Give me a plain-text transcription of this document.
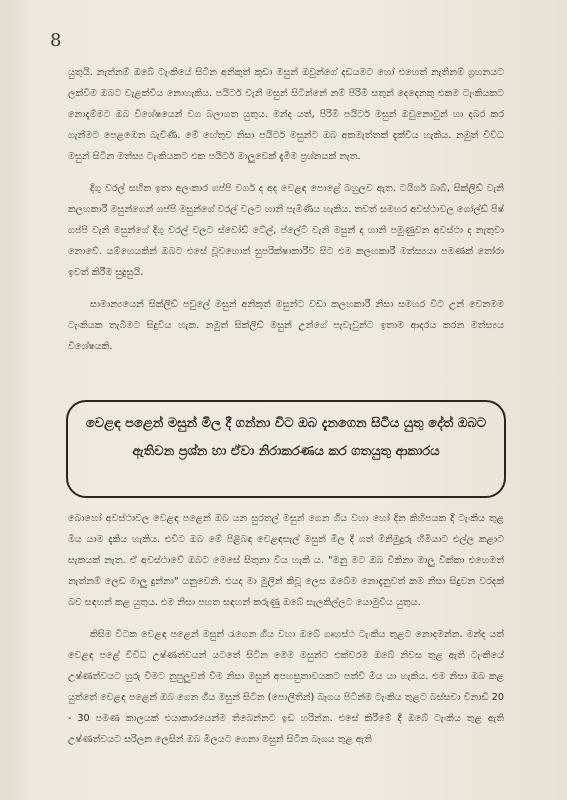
8

යුතුයි. නැත්නම් ඔබේ ටැංකියේ සිටින අනිකුත් කුඩා මසුන් ඔවුන්ගේ දඩයමට හෝ එහෙත් නැතිනම් ග්‍රහනයට ලක්විම ඔබට වැළක්විය නොහැකිය. පයිටර් වැනි මසුන් සිටින්නේ නම් පිරිමි සතුන් දෙදෙනකු එකම ටැංකියකට නොදැම්මට ඔබ විශේෂයෙන් වග බලාගත යුතුය. මන්ද යත්, පිරිමි පයිටර් මසුන් ඔවුනොවුන් හා දබර කර ගැනීමට පෙළඹෙන බැවිණි. මේ හේතුව නිසා පයිටර් මසුන්ට ඔබ අකමැත්තක් දැක්විය හැකිය. නමුත් විවිධ මසුන් සිටින මත්ස්‍ය ටැංකියකට එක පයිටර් මාලුවෙක් දැමීම ප්‍රශ්නයක් නැත.

දිගු වරල් සහිත ඉතා අලංකාර ගප්පි වර්ග ද අද වෙළඳ පොළේ බහුලව ඇත. ටයිගර් බාබ්, සික්ලිඩ් වැනි කලහකාරී මසුන්ගෙන් ගප්පි මසුන්ගේ වරල් වලට හානි පැමිණිය හැකිය. තවත් සමහර අවස්ථාවල ගෝල්ඩ් පිෂ් ගප්පි වැනි මසුන්ගේ දිගු වරල් වලට ස්වෝඩ් ටේල්, ප්ලේටි වැනි මසුන් ද හානි පමුණුවන අවස්ථා ද නැතුවා නොවේ. යම්හෙයකින් ඔබට එසේ වූවහොත් සුපරික්ෂාකාරීව සිට එම කලහකාරී මත්ස්‍යයා පමණක් තෝරා ඉවත් කිරීම සුදුසුයි.

සාමාන්‍යයෙන් සික්ලිඩ් පවුලේ මසුන් අනිකුත් මසුන්ට වඩා කලහකාරී නිසා සමහර විට උන් වෙනමම ටැංකියක තැබීමට සිදුවිය හැක. නමුත් සික්ලිඩ් මසුන් උන්ගේ පැවැවුන්ට ඉතාම ආදරය කරන මත්ස්‍යය විශේෂයකි.

වෙළඳ පළෙන් මසුන් මිල දී ගන්නා විට ඔබ දැනගෙන සිටිය යුතු දේත් ඔබට ඇතිවන ප්‍රශ්න හා ඒවා නිරාකරණය කර ගතයුතු ආකාරය

බොහෝ අවස්ථාවල වෙළඳ පළෙන් ඔබ යන සුරතල් මසුන් ගෙන ගිය වහා හෝ දින කිහිපයක දී ටැංකිය තුළ මිය යාම දැකිය හැකිය. එවිට ඔබ මේ පිළිබඳ වෙළඳසැල් මසුන් මිල දී ගත් මිනිමුදුරු හිමියාට එල්ල කළාට සැකයක් නැත. ඒ අවස්ථාවේ ඔබට මෙසේ සිතුනා විය හැකි ය. "මනු මට ඔබ විකිනා මාලු වික්කා එහෙමත් නැත්නම් ලෙඩ මාලු දුන්නා" යනුවෙනි. එයද මා මුලින් කිවූ ලෙස ඔබේම නොදැනුවත් කම නිසා සිදුවන වරදක් බව සඳහන් කළ යුතුය. එම නිසා පහත සඳහන් කරුණු ඔබේ සැලකිල්ලට යොමුවිය යුතුය.

කිසිම විටක වෙළඳ පළෙන් මසුන් රැගෙන ගිය වහා ඔබේ ගෘහස්ථ ටැංකිය තුළට නොදමන්න. මන්ද යත් වෙළඳ පළේ විවිධ උෂ්ණත්වයන් යටතේ සිටින මෙම මසුන්ට එක්වරම ඔබේ නිවස තුළ ඇති ටැංකියේ උෂ්ණත්වයට හුරු වීමට නුපුලුවන් වීම නිසා මසුන් අපහසුතාවයකට පත්වී මිය යා හැකිය. එම නිසා ඔබ කළ යුත්තේ වෙළඳ පළෙන් ඔබ ගෙන ගිය මසුන් සිටින (පොලිතින්) බෑගය පිටින්ම ටැංකිය තුළට බස්සවා විනාඩි 20 - 30 පමණ කාලයක් එයාකාරයෙන්ම තිබෙන්නට ඉඩ හරින්න. එසේ කිරීමේ දී ඔබේ ටැංකිය තුළ ඇති උෂ්ණත්වයට සරිලන ලෙසින් ඔබ මිලයට ගෙනා මසුන් සිටින බෑගය තුළ ඇති
